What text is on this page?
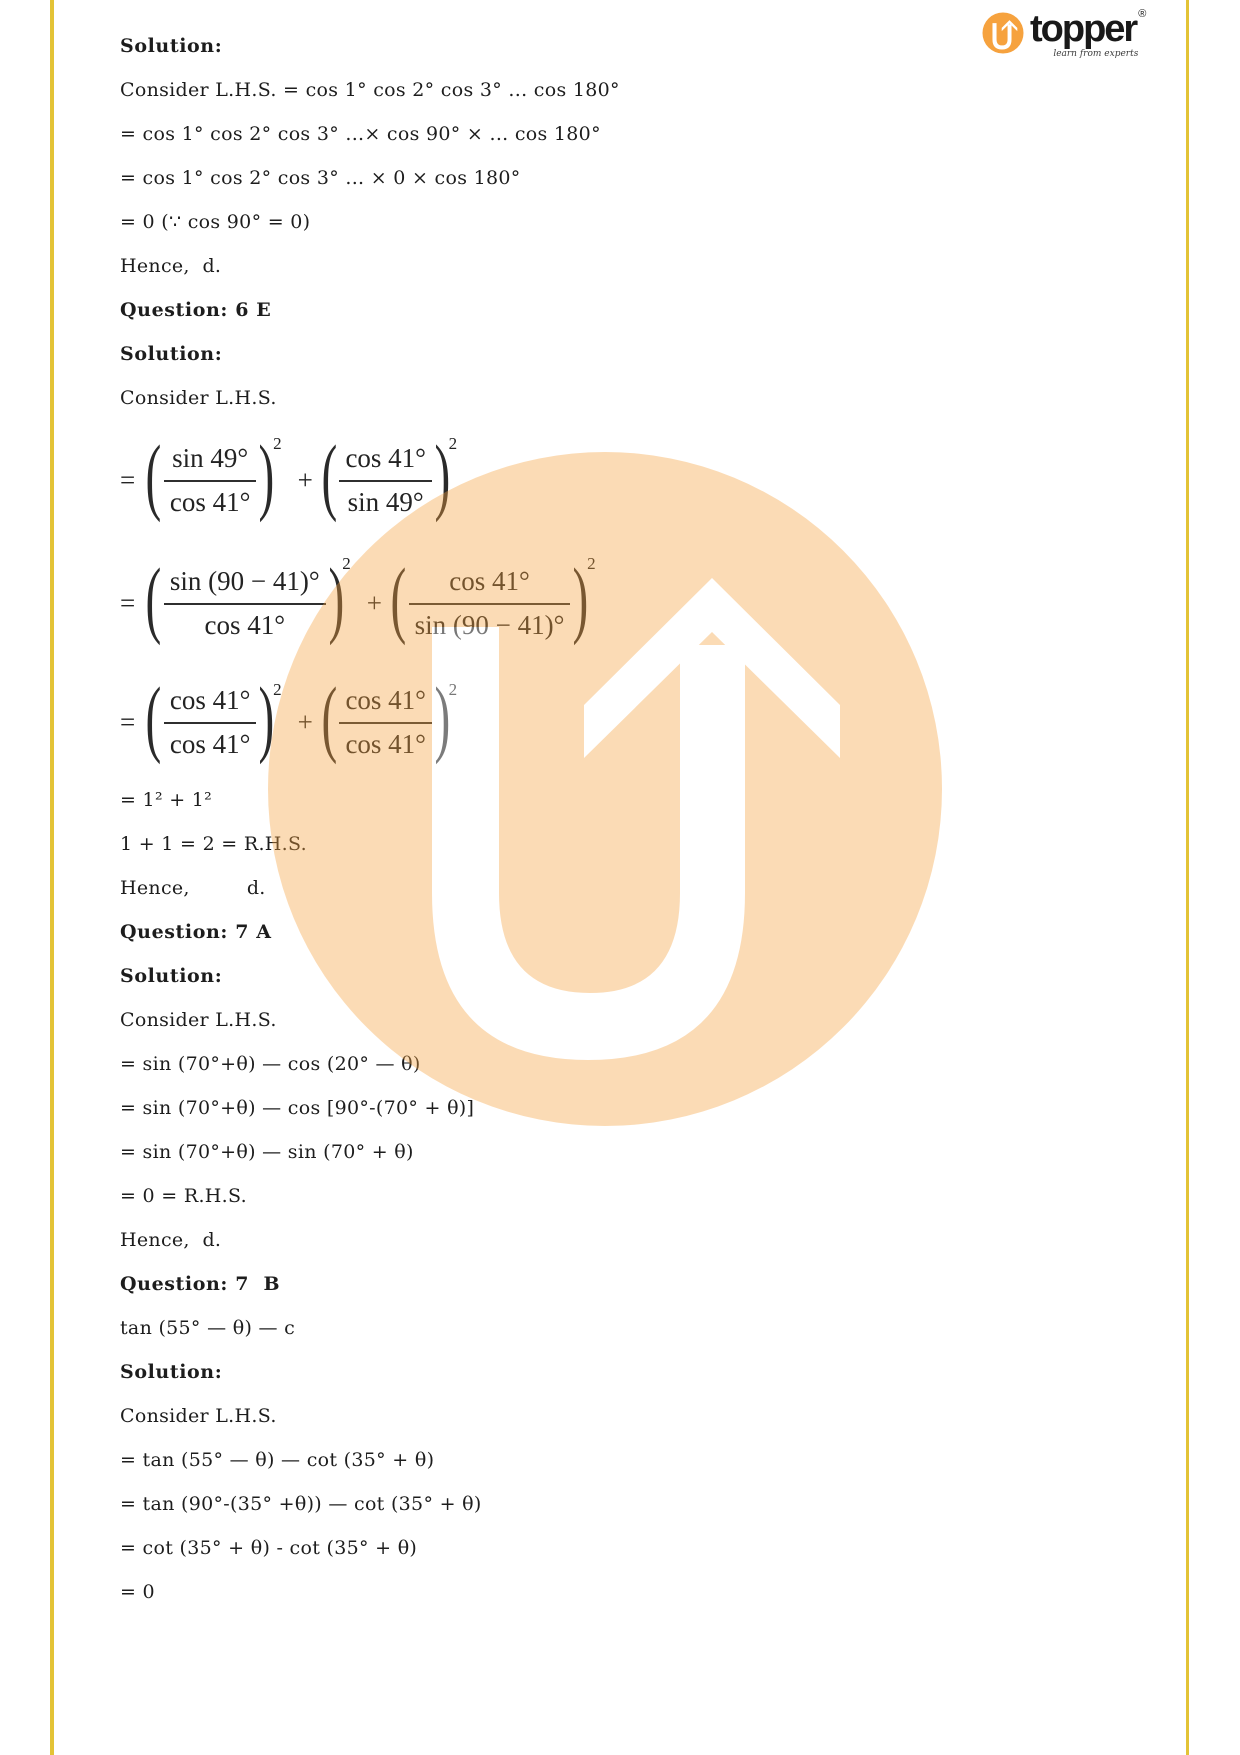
topper ®
learn from experts

Solution:

Consider L.H.S. = cos 1° cos 2° cos 3° ... cos 180°

= cos 1° cos 2° cos 3° ...× cos 90° × ... cos 180°

= cos 1° cos 2° cos 3° ... × 0 × cos 180°

= 0 (∵ cos 90° = 0)

Hence,  d.

Question: 6 E

Solution:

Consider L.H.S.

= ( $\frac{\sin 49^\circ}{\cos 41^\circ}$ )
2
+ ( $\frac{\cos 41^\circ}{\sin 49^\circ}$ )
2
= ( $\frac{\sin (90 - 41)^\circ}{\cos 41^\circ}$ )
2
+ ( $\frac{\cos 41^\circ}{\sin (90 - 41)^\circ}$ )
2
= ( $\frac{\cos 41^\circ}{\cos 41^\circ}$ )
2
+ ( $\frac{\cos 41^\circ}{\cos 41^\circ}$ )
2

= 1² + 1²

1 + 1 = 2 = R.H.S.

Hence,         d.

Question: 7 A

Solution:

Consider L.H.S.

= sin (70°+θ) — cos (20° — θ)

= sin (70°+θ) — cos [90°-(70° + θ)]

= sin (70°+θ) — sin (70° + θ)

= 0 = R.H.S.

Hence,  d.

Question: 7  B

tan (55° — θ) — c

Solution:

Consider L.H.S.

= tan (55° — θ) — cot (35° + θ)

= tan (90°-(35° +θ)) — cot (35° + θ)

= cot (35° + θ) - cot (35° + θ)

= 0
